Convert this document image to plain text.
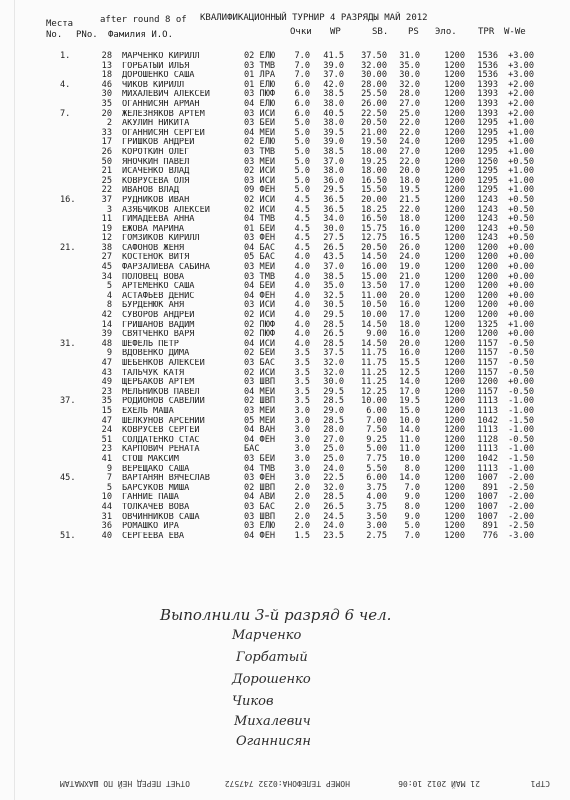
Места
No.
after round 8 of КВАЛИФИКАЦИОННЫЙ ТУРНИР 4 РАЗРЯДЫ МАЙ 2012
PNo. Фамилия И.О.	Очки WP	SB. PS Эло. TPR W-We
1.	28 МАРЧЕНКО КИРИЛЛ	02 ЕЛЮ	7.0	41.5	37.50	31.0	1200	1536	+3.00
13 ГОРБАТЫЙ ИЛЬЯ	03 ТМВ	7.0	39.0	32.00	35.0	1200	1536	+3.00
18 ДОРОШЕНКО САША	01 ЛРА	7.0	37.0	30.00	30.0	1200	1536	+3.00
4.	46 ЧИКОВ КИРИЛЛ	01 ЕЛЮ	6.0	42.0	28.00	32.0	1200	1393	+2.00
30 МИХАЛЕВИЧ АЛЕКСЕЙ	03 ПЮФ	6.0	38.5	25.50	28.0	1200	1393	+2.00
35 ОГАННИСЯН АРМАН	04 ЕЛЮ	6.0	38.0	26.00	27.0	1200	1393	+2.00
7.	20 ЖЕЛЕЗНЯКОВ АРТЕМ	03 ИСИ	6.0	40.5	22.50	25.0	1200	1393	+2.00
2 АКУЛИН НИКИТА	03 БЕИ	5.0	38.0	20.50	22.0	1200	1295	+1.00
33 ОГАННИСЯН СЕРГЕЙ	04 МЕИ	5.0	39.5	21.00	22.0	1200	1295	+1.00
17 ГРИШКОВ АНДРЕЙ	02 ЕЛЮ	5.0	39.0	19.50	24.0	1200	1295	+1.00
26 КОРОТКИН ОЛЕГ	03 ТМВ	5.0	38.5	18.00	27.0	1200	1295	+1.00
50 ЯНОЧКИН ПАВЕЛ	03 МЕИ	5.0	37.0	19.25	22.0	1200	1250	+0.50
21 ИСАЧЕНКО ВЛАД	02 ИСИ	5.0	38.0	18.00	20.0	1200	1295	+1.00
25 КОВРУСЕВА ОЛЯ	03 ИСИ	5.0	36.0	16.50	18.0	1200	1295	+1.00
22 ИВАНОВ ВЛАД	09 ФЕН	5.0	29.5	15.50	19.5	1200	1295	+1.00
16.	37 РУДНИКОВ ИВАН	02 ИСИ	4.5	36.5	20.00	21.5	1200	1243	+0.50
3 АЗЯБЧИКОВ АЛЕКСЕЙ	02 ИСИ	4.5	36.5	18.25	22.0	1200	1243	+0.50
11 ГИМАДЕЕВА АННА	04 ТМВ	4.5	34.0	16.50	18.0	1200	1243	+0.50
19 ЕЖОВА МАРИНА	01 БЕИ	4.5	30.0	15.75	16.0	1200	1243	+0.50
12 ГОМЗИКОВ КИРИЛЛ	03 ФЕН	4.5	27.5	12.75	16.5	1200	1243	+0.50
21.	38 САФОНОВ ЖЕНЯ	04 БАС	4.5	26.5	20.50	26.0	1200	1200	+0.00
27 КОСТЕНОК ВИТЯ	05 БАС	4.0	43.5	14.50	24.0	1200	1200	+0.00
45 ФАРЗАЛИЕВА САБИНА	03 МЕИ	4.0	37.0	16.00	19.0	1200	1200	+0.00
34 ПОЛОВЕЦ ВОВА	03 ТМВ	4.0	38.5	15.00	21.0	1200	1200	+0.00
5 АРТЕМЕНКО САША	04 БЕИ	4.0	35.0	13.50	17.0	1200	1200	+0.00
4 АСТАФЬЕВ ДЕНИС	04 ФЕН	4.0	32.5	11.00	20.0	1200	1200	+0.00
8 БУРДЕНЮК АНЯ	03 ИСИ	4.0	30.5	10.50	16.0	1200	1200	+0.00
42 СУВОРОВ АНДРЕЙ	02 ИСИ	4.0	29.5	10.00	17.0	1200	1200	+0.00
14 ГРИШАНОВ ВАДИМ	02 ПЮФ	4.0	28.5	14.50	18.0	1200	1325	+1.00
39 СВЯТЧЕНКО ВАРЯ	02 ПЮФ	4.0	26.5	9.00	16.0	1200	1200	+0.00
31.	48 ШЕФЕЛЬ ПЕТР	04 ИСИ	4.0	28.5	14.50	20.0	1200	1157	-0.50
9 ВДОВЕНКО ДИМА	02 БЕИ	3.5	37.5	11.75	16.0	1200	1157	-0.50
47 ШЕБЕНКОВ АЛЕКСЕЙ	03 БАС	3.5	32.0	11.75	15.5	1200	1157	-0.50
43 ТАЛЬЧУК КАТЯ	02 ИСИ	3.5	32.0	11.25	12.5	1200	1157	-0.50
49 ЩЕРБАКОВ АРТЕМ	03 ШВП	3.5	30.0	11.25	14.0	1200	1200	+0.00
23 МЕЛЬНИКОВ ПАВЕЛ	04 МЕИ	3.5	29.5	12.25	17.0	1200	1157	-0.50
37.	35 РОДИОНОВ САВЕЛИЙ	02 ШВП	3.5	28.5	10.00	19.5	1200	1113	-1.00
15 ЕХЕЛЬ МАША	03 МЕИ	3.0	29.0	6.00	15.0	1200	1113	-1.00
47 ШЕЛКУНОВ АРСЕНИЙ	05 МЕИ	3.0	28.5	7.00	10.0	1200	1042	-1.50
24 КОВРУСЕВ СЕРГЕЙ	04 ВАН	3.0	28.0	7.50	14.0	1200	1113	-1.00
51 СОЛДАТЕНКО СТАС	04 ФЕН	3.0	27.0	9.25	11.0	1200	1128	-0.50
23 КАРПОВИЧ РЕНАТА	БАС	3.0	25.0	5.00	11.0	1200	1113	-1.00
41 СТОШ МАКСИМ	03 БЕИ	3.0	25.0	7.75	10.0	1200	1042	-1.50
9 ВЕРЕЩАКО САША	04 ТМВ	3.0	24.0	5.50	8.0	1200	1113	-1.00
45.	7 ВАРТАНЯН ВЯЧЕСЛАВ	03 ФЕН	3.0	22.5	6.00	14.0	1200	1007	-2.00
5 БАРСУКОВ МИША	02 ШВП	2.0	32.0	3.75	7.0	1200	891	-2.50
10 ГАННИЕ ПАША	04 АВИ	2.0	28.5	4.00	9.0	1200	1007	-2.00
44 ТОЛКАЧЕВ ВОВА	03 БАС	2.0	26.5	3.75	8.0	1200	1007	-2.00
31 ОВЧИННИКОВ САША	03 ШВП	2.0	24.5	3.50	9.0	1200	1007	-2.00
36 РОМАШКО ИРА	03 ЕЛЮ	2.0	24.0	3.00	5.0	1200	891	-2.50
51.	40 СЕРГЕЕВА ЕВА	04 ФЕН	1.5	23.5	2.75	7.0	1200	776	-3.00
Выполнили 3-й разряд 6 чел.
Марченко
Горбатый
Дорошенко
Чиков
Михалевич
Оганнисян
СТР1
21 МАЙ 2012 10:06
НОМЕР ТЕЛЕФОНА:0232 747572
ОТЧЕТ ПЕРЕД НЕЙ ПО ШАХМАТАМ
